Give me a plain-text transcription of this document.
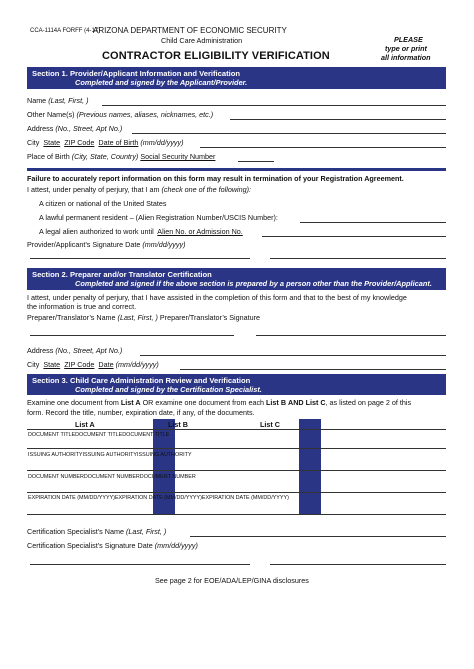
CCA-1114A FORFF (4-17)
ARIZONA DEPARTMENT OF ECONOMIC SECURITY
Child Care Administration
CONTRACTOR ELIGIBILITY VERIFICATION
PLEASE
type or print
all information
Section 1. Provider/Applicant Information and Verification
Completed and signed by the Applicant/Provider.
Name (Last, First, )
Other Name(s) (Previous names, aliases, nicknames, etc.)
Address (No., Street, Apt No.)
City State ZIP Code Date of Birth (mm/dd/yyyy)
Place of Birth (City, State, Country) Social Security Number
Failure to accurately report information on this form may result in termination of your Registration Agreement.
I attest, under penalty of perjury, that I am (check one of the following):
A citizen or national of the United States
A lawful permanent resident – (Alien Registration Number/USCIS Number):
A legal alien authorized to work until Alien No. or Admission No.
Provider/Applicant’s Signature Date (mm/dd/yyyy)
Section 2. Preparer and/or Translator Certification
Completed and signed if the above section is prepared by a person other than the Provider/Applicant.
I attest, under penalty of perjury, that I have assisted in the completion of this form and that to the best of my knowledge
the information is true and correct.
Preparer/Translator’s Name (Last, First, ) Preparer/Translator’s Signature
Address (No., Street, Apt No.)
City State ZIP Code Date (mm/dd/yyyy)
Section 3. Child Care Administration Review and Verification
Completed and signed by the Certification Specialist.
Examine one document from List A OR examine one document from each List B AND List C, as listed on page 2 of this
form. Record the title, number, expiration date, if any, of the documents.
List A	List B	List C
DOCUMENT TITLEDOCUMENT TITLEDOCUMENT TITLE
ISSUING AUTHORITYISSUING AUTHORITYISSUING AUTHORITY
DOCUMENT NUMBERDOCUMENT NUMBERDOCUMENT NUMBER
EXPIRATION DATE (MM/DD/YYYY)EXPIRATION DATE (MM/DD/YYYY)EXPIRATION DATE (MM/DD/YYYY)
Certification Specialist’s Name (Last, First, )
Certification Specialist’s Signature Date (mm/dd/yyyy)
See page 2 for EOE/ADA/LEP/GINA disclosures
